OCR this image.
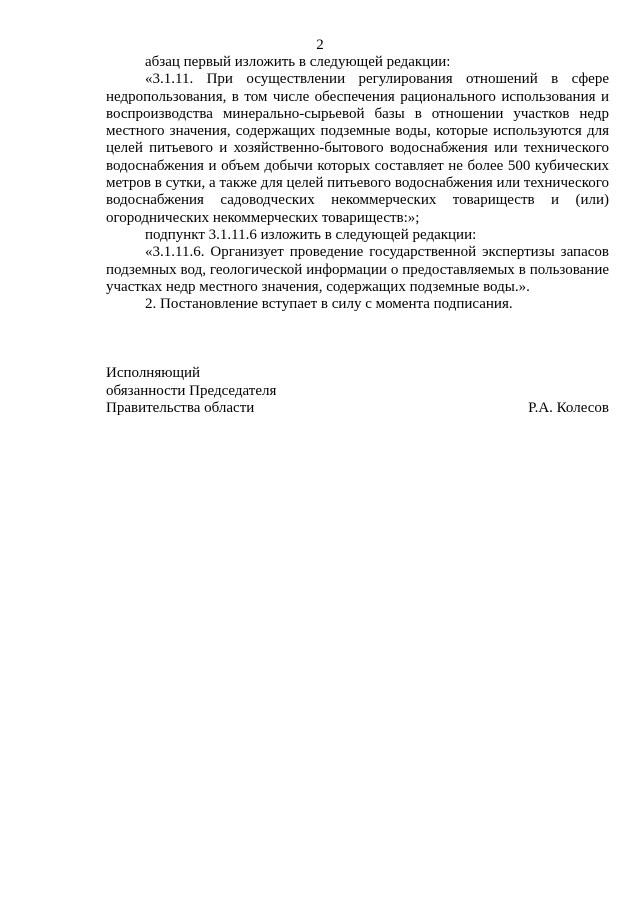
2

абзац первый изложить в следующей редакции:

«3.1.11. При осуществлении регулирования отношений в сфере недропользования, в том числе обеспечения рационального использования и воспроизводства минерально-сырьевой базы в отношении участков недр местного значения, содержащих подземные воды, которые используются для целей питьевого и хозяйственно-бытового водоснабжения или технического водоснабжения и объем добычи которых составляет не более 500 кубических метров в сутки, а также для целей питьевого водоснабжения или технического водоснабжения садоводческих некоммерческих товариществ и (или) огороднических некоммерческих товариществ:»;

подпункт 3.1.11.6 изложить в следующей редакции:

«3.1.11.6. Организует проведение государственной экспертизы запасов подземных вод, геологической информации о предоставляемых в пользование участках недр местного значения, содержащих подземные воды.».

2. Постановление вступает в силу с момента подписания.

Исполняющий
обязанности Председателя
Правительства области	Р.А. Колесов
